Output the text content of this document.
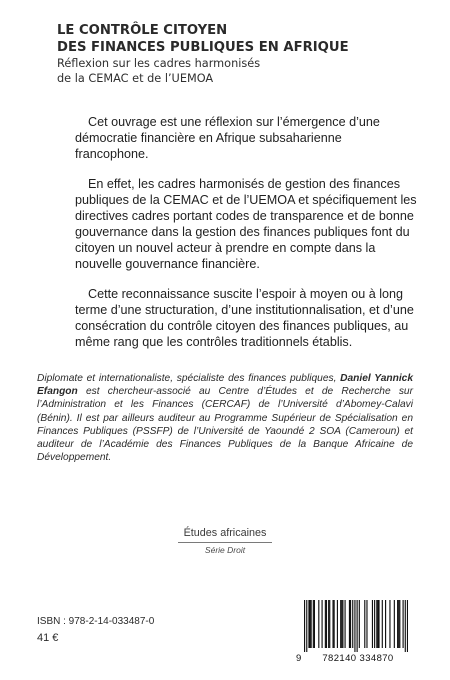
LE CONTRÔLE CITOYEN
DES FINANCES PUBLIQUES EN AFRIQUE
Réflexion sur les cadres harmonisés
de la CEMAC et de l’UEMOA

Cet ouvrage est une réflexion sur l’émergence d’une démocratie financière en Afrique subsaharienne francophone.

En effet, les cadres harmonisés de gestion des finances publiques de la CEMAC et de l’UEMOA et spécifiquement les directives cadres portant codes de transparence et de bonne gouvernance dans la gestion des finances publiques font du citoyen un nouvel acteur à prendre en compte dans la nouvelle gouvernance financière.

Cette reconnaissance suscite l’espoir à moyen ou à long terme d’une structuration, d’une institutionnalisation, et d’une consécration du contrôle citoyen des finances publiques, au même rang que les contrôles traditionnels établis.

Diplomate et internationaliste, spécialiste des finances publiques, Daniel Yannick Efangon est chercheur-associé au Centre d’Études et de Recherche sur l’Administration et les Finances (CERCAF) de l’Université d’Abomey-Calavi (Bénin). Il est par ailleurs auditeur au Programme Supérieur de Spécialisation en Finances Publiques (PSSFP) de l’Université de Yaoundé 2 SOA (Cameroun) et auditeur de l’Académie des Finances Publiques de la Banque Africaine de Développement.

Études africaines
Série Droit
ISBN : 978-2-14-033487-0
41 €
9	782140 334870
